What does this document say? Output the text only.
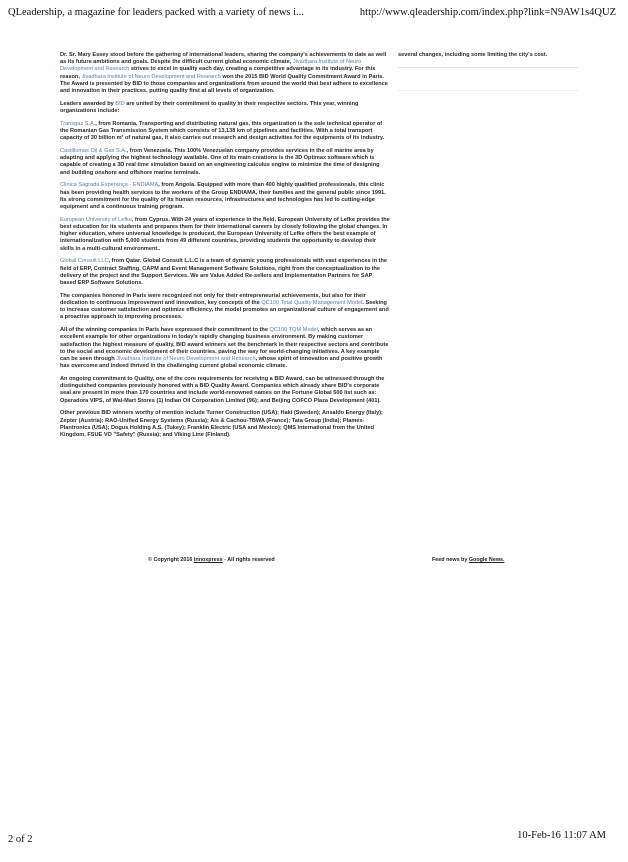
QLeadership, a magazine for leaders packed with a variety of news i...	http://www.qleadership.com/index.php?link=N9AW1s4QUZ

Dr. Sr. Mary Essey stood before the gathering of international leaders, sharing the company's achievements to date as well as its future ambitions and goals. Despite the difficult current global economic climate, Jivadhara Institute of Neuro Development and Research strives to excel in quality each day, creating a competitive advantage in its industry. For this reason, Jivadhara Institute of Neuro Development and Research won the 2015 BID World Quality Commitment Award in Paris. The Award is presented by BID to those companies and organizations from around the world that best adhere to excellence and innovation in their practices, putting quality first at all levels of organization.

Leaders awarded by BID are united by their commitment to quality in their respective sectors. This year, winning organizations include:

Transgaz S.A., from Romania, Transporting and distributing natural gas, this organization is the sole technical operator of the Romanian Gas Transmission System which consists of 13,138 km of pipelines and facilities. With a total transport capacity of 30 billion m³ of natural gas, it also carries out research and design activities for the equipments of its industry.

Castillomax Oil & Gas S.A., from Venezuela. This 100% Venezuelan company provides services in the oil marine area by adapting and applying the highest technology available. One of its main creations is the 3D Optimax software which is capable of creating a 3D real time simulation based on an engineering calculus engine to minimize the time of designing and building onshore and offshore marine terminals.

Clinica Sagrada Esperança - ENDIAMA, from Angola. Equipped with more than 400 highly qualified professionals, this clinic has been providing health services to the workers of the Group ENDIAMA, their families and the general public since 1991. Its strong commitment for the quality of its human resources, infrastructures and technologies has led to cutting-edge equipment and a continuous training program.

European University of Lefke, from Cyprus. With 24 years of experience in the field, European University of Lefke provides the best education for its students and prepares them for their international careers by closely following the global changes. In higher education, where universal knowledge is produced, the European University of Lefke offers the best example of internationalization with 5,000 students from 49 different countries, providing students the opportunity to develop their skills in a multi-cultural environment..

Global Consult LLC, from Qatar. Global Consult L.L.C is a team of dynamic young professionals with vast experiences in the field of ERP, Contract Staffing, CAPM and Event Management Software Solutions, right from the conceptualization to the delivery of the project and the Support Services. We are Value Added Re-sellers and Implementation Partners for SAP based ERP Software Solutions.

The companies honored in Paris were recognized not only for their entrepreneurial achievements, but also for their dedication to continuous improvement and innovation, key concepts of the QC100 Total Quality Management Model. Seeking to increase customer satisfaction and optimize efficiency, the model promotes an organizational culture of engagement and a proactive approach to improving processes.

All of the winning companies in Paris have expressed their commitment to the QC100 TQM Model, which serves as an excellent example for other organizations in today's rapidly changing business environment. By making customer satisfaction the highest measure of quality, BID award winners set the benchmark in their respective sectors and contribute to the social and economic development of their countries, paving the way for world-changing initiatives. A key example can be seen through Jivadhara Institute of Neuro Development and Research, whose spirit of innovation and positive growth has overcome and indeed thrived in the challenging current global economic climate.

An ongoing commitment to Quality, one of the core requirements for receiving a BID Award, can be witnessed through the distinguished companies previously honored with a BID Quality Award. Companies which already share BID's corporate seal are present in more than 170 countries and include world-renowned names on the Fortune Global 500 list such as: Operadora VIPS, of Wal-Mart Stores (1) Indian Oil Corporation Limited (96); and Beijing COFCO Plaza Development (401).

Other previous BID winners worthy of mention include Turner Construction (USA); Haki (Sweden); Ansaldo Energy (Italy); Zepter (Austria); RAO-Unified Energy Systems (Russia); Ais & Cachou-TBWA (France); Tata Group (India); Plamex-Plantronics (USA); Dogus Holding A.S. (Tukey); Franklin Electric (USA and Mexico); QMS International from the United Kingdom, FSUE VO "Safety" (Russia); and Viking Line (Finland).

several changes, including some limiting the city's cost.
© Copyright 2016 Innoxpress - All rights reserved	Feed news by Google News.
2 of 2	10-Feb-16 11:07 AM
